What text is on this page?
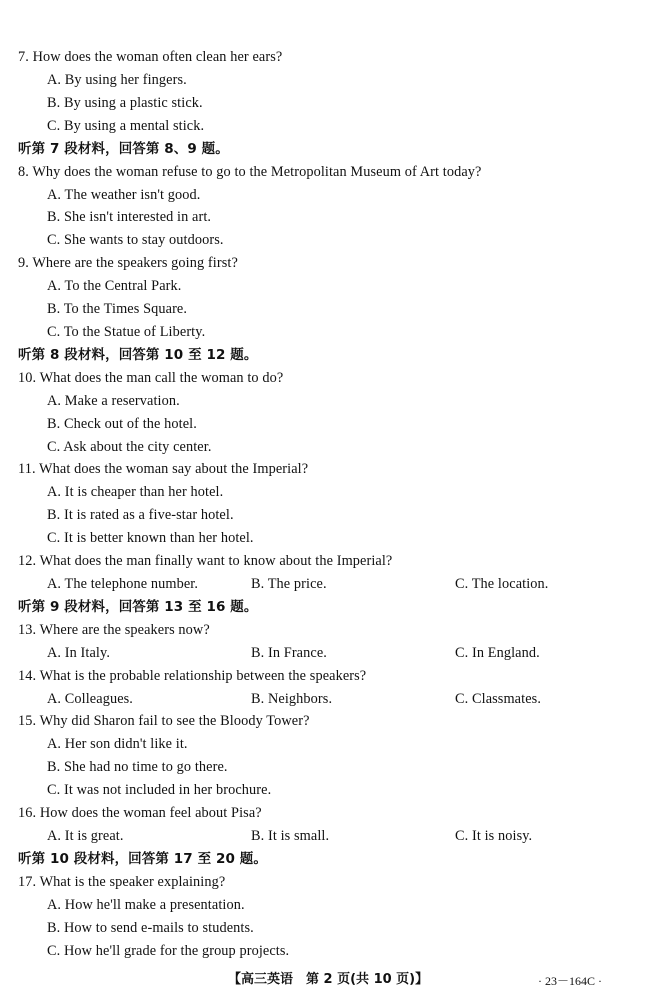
7. How does the woman often clean her ears?
A. By using her fingers.
B. By using a plastic stick.
C. By using a mental stick.
听第 7 段材料，回答第 8、9 题。
8. Why does the woman refuse to go to the Metropolitan Museum of Art today?
A. The weather isn't good.
B. She isn't interested in art.
C. She wants to stay outdoors.
9. Where are the speakers going first?
A. To the Central Park.
B. To the Times Square.
C. To the Statue of Liberty.
听第 8 段材料，回答第 10 至 12 题。
10. What does the man call the woman to do?
A. Make a reservation.
B. Check out of the hotel.
C. Ask about the city center.
11. What does the woman say about the Imperial?
A. It is cheaper than her hotel.
B. It is rated as a five-star hotel.
C. It is better known than her hotel.
12. What does the man finally want to know about the Imperial?
A. The telephone number.	B. The price.	C. The location.
听第 9 段材料，回答第 13 至 16 题。
13. Where are the speakers now?
A. In Italy.	B. In France.	C. In England.
14. What is the probable relationship between the speakers?
A. Colleagues.	B. Neighbors.	C. Classmates.
15. Why did Sharon fail to see the Bloody Tower?
A. Her son didn't like it.
B. She had no time to go there.
C. It was not included in her brochure.
16. How does the woman feel about Pisa?
A. It is great.	B. It is small.	C. It is noisy.
听第 10 段材料，回答第 17 至 20 题。
17. What is the speaker explaining?
A. How he'll make a presentation.
B. How to send e-mails to students.
C. How he'll grade for the group projects.
【高三英语　第 2 页(共 10 页)】	· 23－164C ·
